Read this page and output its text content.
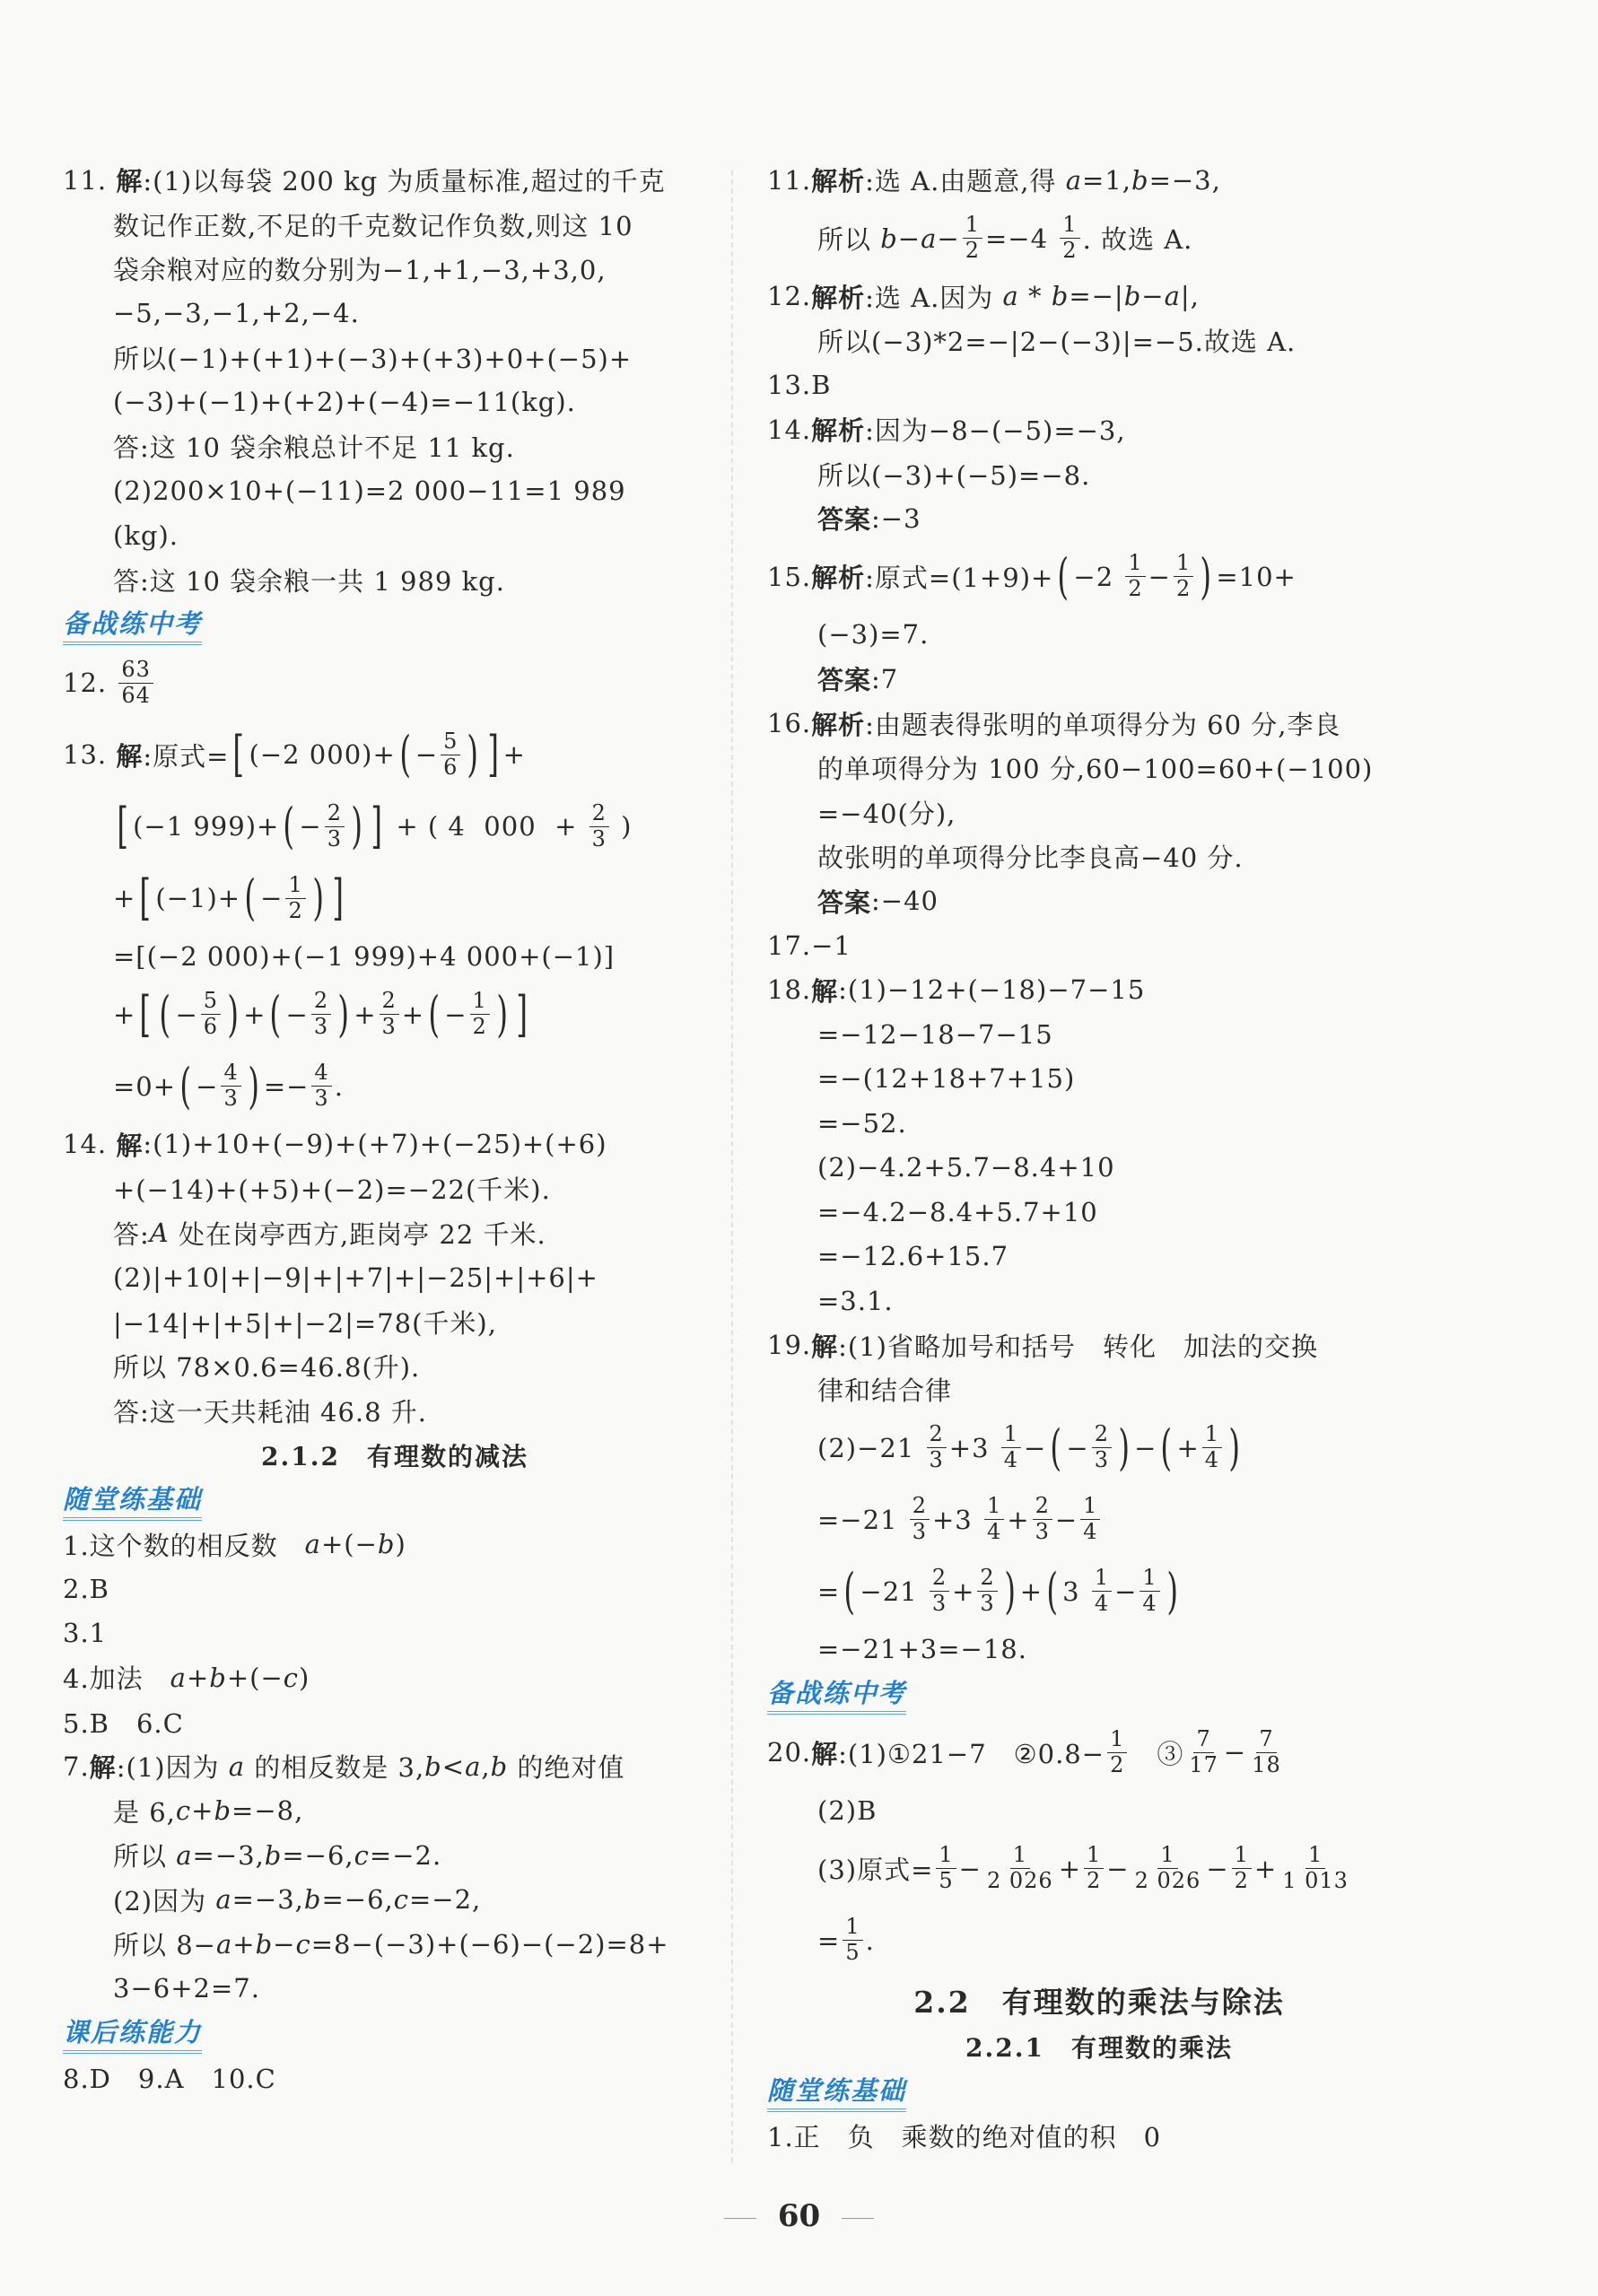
11. 解 :(1)以每袋 200 kg 为质量标准,超过的千克
数记作正数,不足的千克数记作负数,则这 10
袋余粮对应的数分别为−1,+1,−3,+3,0,
−5,−3,−1,+2,−4.
所以(−1)+(+1)+(−3)+(+3)+0+(−5)+
(−3)+(−1)+(+2)+(−4)=−11(kg).
答:这 10 袋余粮总计不足 11 kg.
(2)200×10+(−11)=2 000−11=1 989
(kg).
答:这 10 袋余粮一共 1 989 kg.
备战练中考
12. $\frac{63}{64}$
13. 解 :原式= [ (−2 000)+ ( − $\frac{5}{6}$ ) ] +
[ (−1 999)+ ( − $\frac{2}{3}$ ) ] + ( 4  $000 + \frac{2}{3}$ )
+ [ (−1)+ ( − $\frac{1}{2}$ ) ]
=[(−2 000)+(−1 999)+4 000+(−1)]
+ [ ( − $\frac{5}{6}$ ) + ( − $\frac{2}{3}$ ) + $\frac{2}{3}$ + ( − $\frac{1}{2}$ ) ]
=0+ ( − $\frac{4}{3}$ ) =− $\frac{4}{3}$ .
14. 解 :(1)+10+(−9)+(+7)+(−25)+(+6)
+(−14)+(+5)+(−2)=−22(千米).
答: A 处在岗亭西方,距岗亭 22 千米.
(2)|+10|+|−9|+|+7|+|−25|+|+6|+
|−14|+|+5|+|−2|=78(千米),
所以 78×0.6=46.8(升).
答:这一天共耗油 46.8 升.
2.1.2　有理数的减法
随堂练基础
1.这个数的相反数　 a +(− b )
2.B
3.1
4.加法　 a + b +(− c )
5.B　6.C
7. 解 :(1)因为 a 的相反数是 3, b < a , b 的绝对值
是 6, c + b =−8,
所以 a =−3, b =−6, c =−2.
(2)因为 a =−3, b =−6, c =−2,
所以 8− a + b − c =8−(−3)+(−6)−(−2)=8+
3−6+2=7.
课后练能力
8.D　9.A　10.C
11. 解析 :选 A.由题意,得 a =1, b =−3,
所以 $b - a - \frac{1}{2} =-4 \frac{1}{2}$ . 故选 A.
12. 解析 :选 A.因为 a * b =−| b − a |,
所以(−3)*2=−|2−(−3)|=−5.故选 A.
13.B
14. 解析 :因为−8−(−5)=−3,
所以(−3)+(−5)=−8.
答案 :−3
15. 解析 :原式=(1+9)+ ( $-2 \frac{1}{2} - \frac{1}{2}$ ) =10+
(−3)=7.
答案 :7
16. 解析 :由题表得张明的单项得分为 60 分,李良
的单项得分为 100 分,60−100=60+(−100)
=−40(分),
故张明的单项得分比李良高−40 分.
答案 :−40
17.−1
18. 解 :(1)−12+(−18)−7−15
=−12−18−7−15
=−(12+18+7+15)
=−52.
(2)−4.2+5.7−8.4+10
=−4.2−8.4+5.7+10
=−12.6+15.7
=3.1.
19. 解 :(1)省略加号和括号　转化　加法的交换
律和结合律
$(2)-21 \frac{2}{3} +3 \frac{1}{4}$ − ( − $\frac{2}{3}$ ) − ( + $\frac{1}{4}$ )
$=-21 \frac{2}{3} +3 \frac{1}{4} + \frac{2}{3} - \frac{1}{4}$
= ( $-21 \frac{2}{3} + \frac{2}{3}$ ) + ( $3 \frac{1}{4} - \frac{1}{4}$ )
=−21+3=−18.
备战练中考
20. 解 :(1)①21−7　②0.8− $\frac{1}{2}$ 　③ $\frac{7}{17} - \frac{7}{18}$
(2)B
(3)原式= $\frac{1}{5} - \frac{1}{2 026} + \frac{1}{2} - \frac{1}{2 026} - \frac{1}{2} + \frac{1}{1 013}$
= $\frac{1}{5}$ .
2.2　有理数的乘法与除法
2.2.1　有理数的乘法
随堂练基础
1.正　负　乘数的绝对值的积　0
60
